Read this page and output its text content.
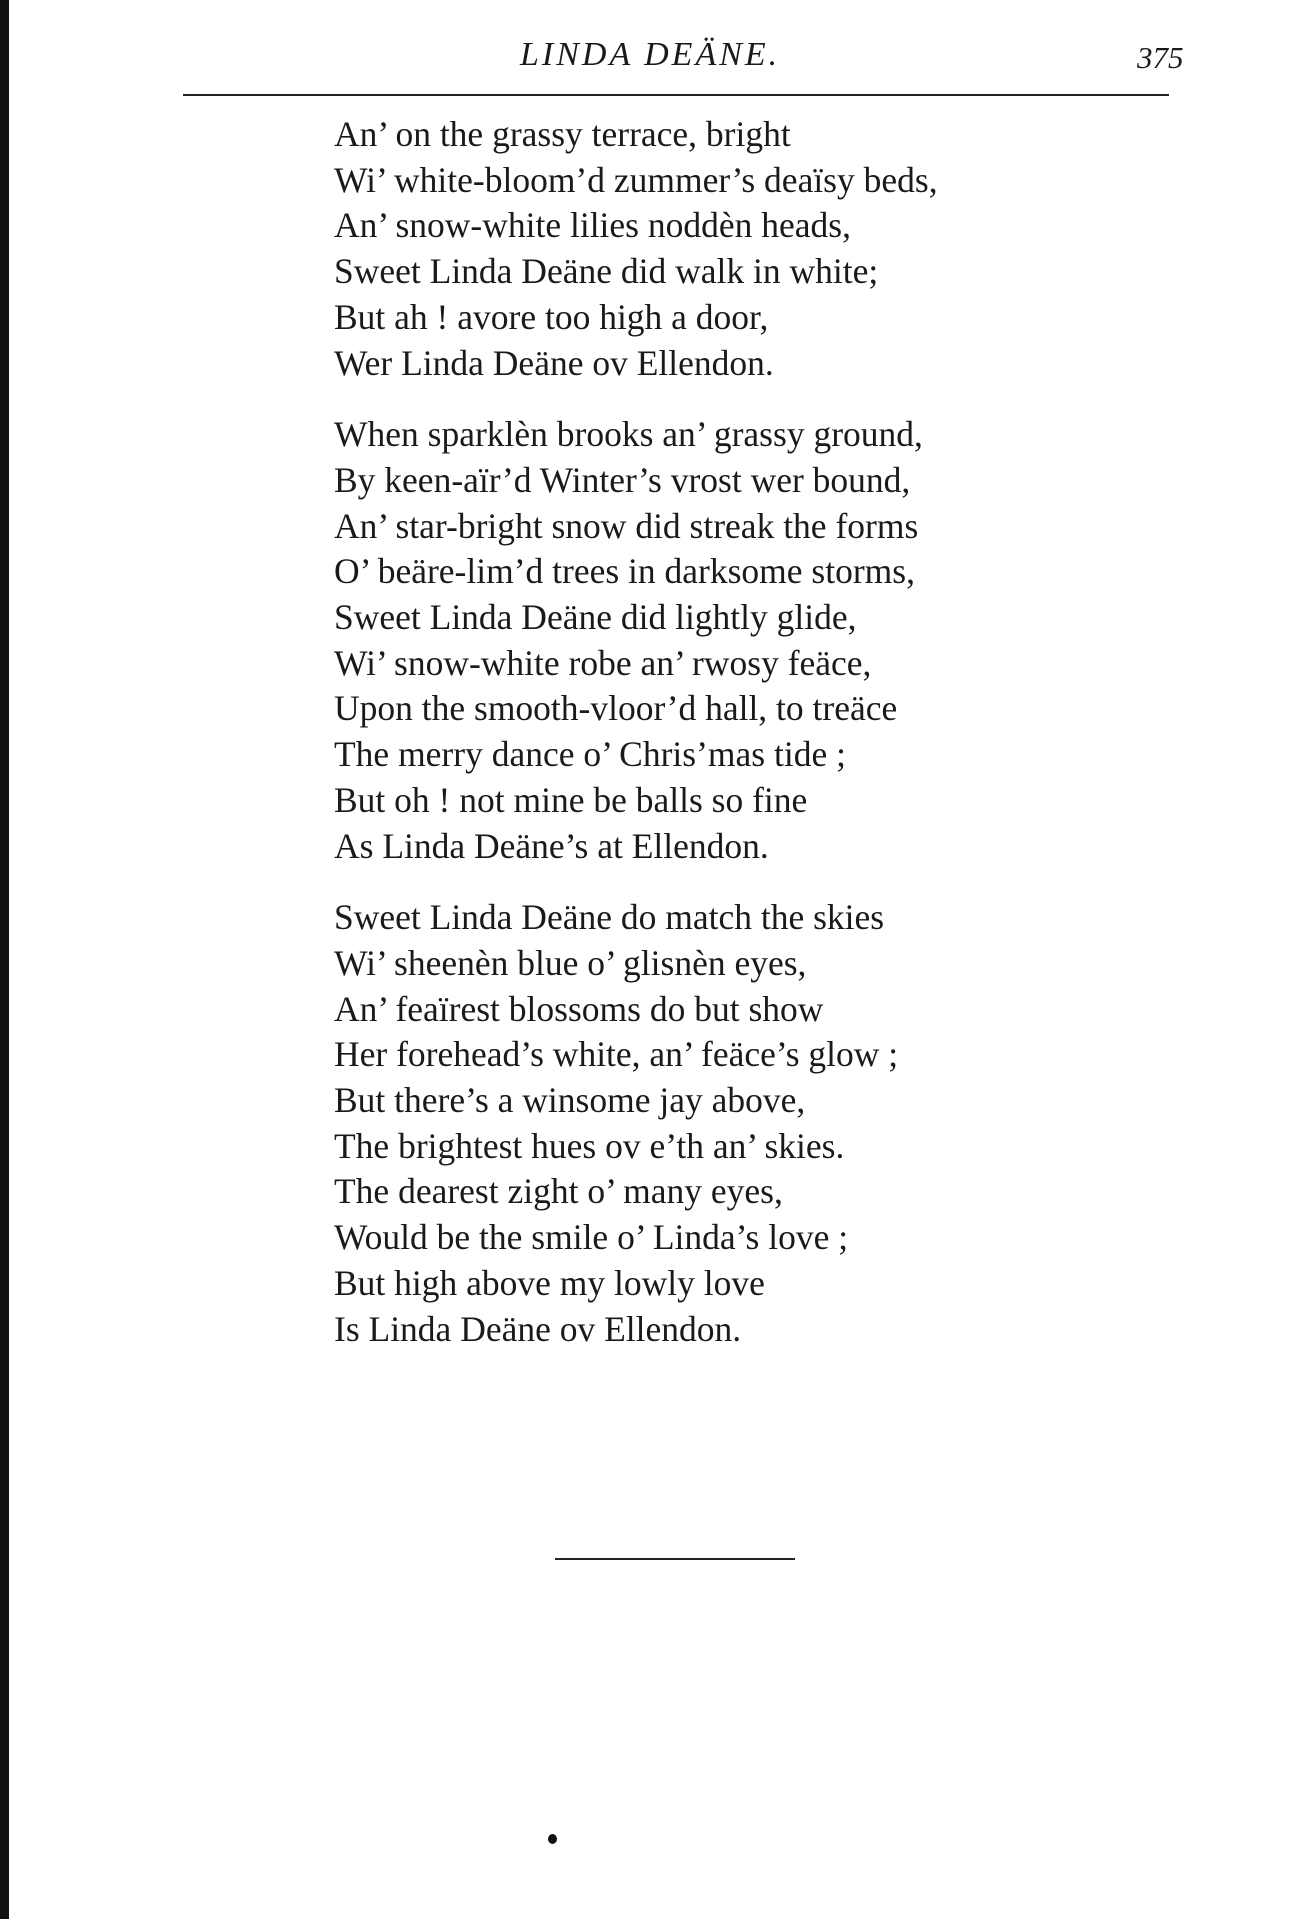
LINDA DEÄNE.	375
An’ on the grassy terrace, bright
Wi’ white-bloom’d zummer’s deaïsy beds,
An’ snow-white lilies noddèn heads,
Sweet Linda Deäne did walk in white;
But ah ! avore too high a door,
Wer Linda Deäne ov Ellendon.
When sparklèn brooks an’ grassy ground,
By keen-aïr’d Winter’s vrost wer bound,
An’ star-bright snow did streak the forms
O’ beäre-lim’d trees in darksome storms,
Sweet Linda Deäne did lightly glide,
Wi’ snow-white robe an’ rwosy feäce,
Upon the smooth-vloor’d hall, to treäce
The merry dance o’ Chris’mas tide ;
But oh ! not mine be balls so fine
As Linda Deäne’s at Ellendon.
Sweet Linda Deäne do match the skies
Wi’ sheenèn blue o’ glisnèn eyes,
An’ feaïrest blossoms do but show
Her forehead’s white, an’ feäce’s glow ;
But there’s a winsome jay above,
The brightest hues ov e’th an’ skies.
The dearest zight o’ many eyes,
Would be the smile o’ Linda’s love ;
But high above my lowly love
Is Linda Deäne ov Ellendon.
